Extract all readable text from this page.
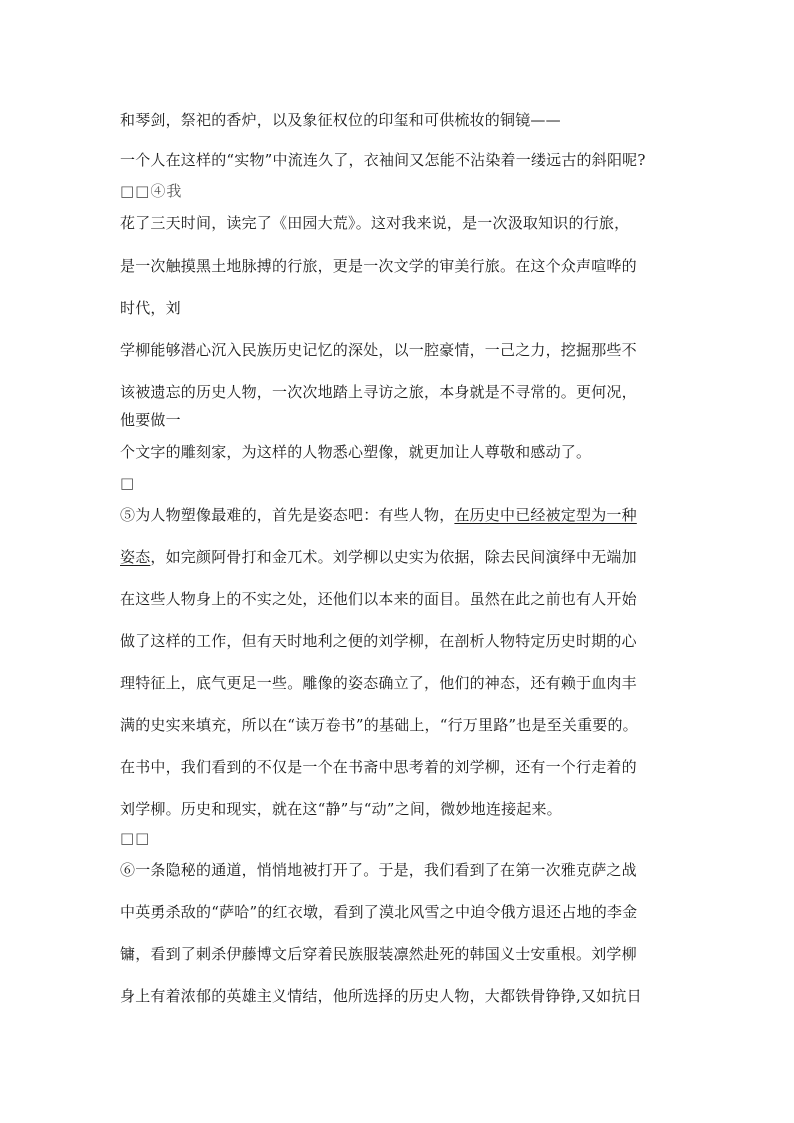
和琴剑，祭祀的香炉，以及象征权位的印玺和可供梳妆的铜镜——
一个人在这样的“实物”中流连久了，衣袖间又怎能不沾染着一缕远古的斜阳呢?
□□④我
花了三天时间，读完了《田园大荒》。这对我来说，是一次汲取知识的行旅，
是一次触摸黑土地脉搏的行旅，更是一次文学的审美行旅。在这个众声喧哗的
时代，刘
学柳能够潜心沉入民族历史记忆的深处，以一腔豪情，一己之力，挖掘那些不
该被遗忘的历史人物，一次次地踏上寻访之旅，本身就是不寻常的。更何况，
他要做一
个文字的雕刻家，为这样的人物悉心塑像，就更加让人尊敬和感动了。
□
⑤为人物塑像最难的，首先是姿态吧：有些人物，在历史中已经被定型为一种
姿态，如完颜阿骨打和金兀术。刘学柳以史实为依据，除去民间演绎中无端加
在这些人物身上的不实之处，还他们以本来的面目。虽然在此之前也有人开始
做了这样的工作，但有天时地利之便的刘学柳，在剖析人物特定历史时期的心
理特征上，底气更足一些。雕像的姿态确立了，他们的神态，还有赖于血肉丰
满的史实来填充，所以在“读万卷书”的基础上，“行万里路”也是至关重要的。
在书中，我们看到的不仅是一个在书斋中思考着的刘学柳，还有一个行走着的
刘学柳。历史和现实，就在这“静”与“动”之间，微妙地连接起来。
□□
⑥一条隐秘的通道，悄悄地被打开了。于是，我们看到了在第一次雅克萨之战
中英勇杀敌的“萨哈”的红衣墩，看到了漠北风雪之中迫令俄方退还占地的李金
镛，看到了刺杀伊藤博文后穿着民族服装凛然赴死的韩国义士安重根。刘学柳
身上有着浓郁的英雄主义情结，他所选择的历史人物，大都铁骨铮铮,又如抗日
